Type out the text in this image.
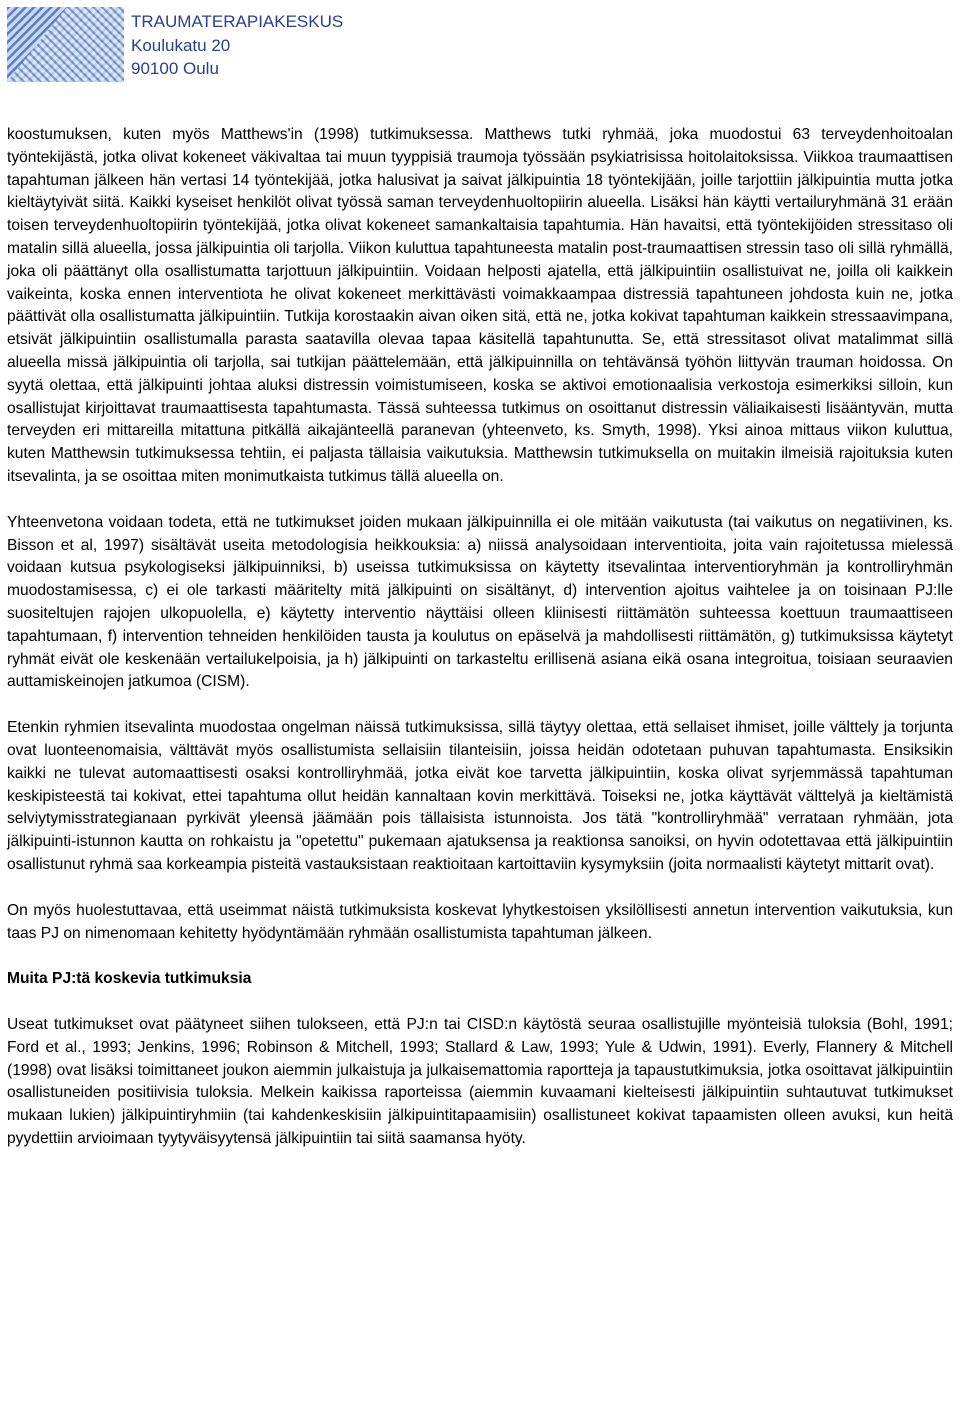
TRAUMATERAPIAKESKUS
Koulukatu 20
90100 Oulu

koostumuksen, kuten myös Matthews'in (1998) tutkimuksessa. Matthews tutki ryhmää, joka muodostui 63 terveydenhoitoalan työntekijästä, jotka olivat kokeneet väkivaltaa tai muun tyyppisiä traumoja työssään psykiatrisissa hoitolaitoksissa. Viikkoa traumaattisen tapahtuman jälkeen hän vertasi 14 työntekijää, jotka halusivat ja saivat jälkipuintia 18 työntekijään, joille tarjottiin jälkipuintia mutta jotka kieltäytyivät siitä. Kaikki kyseiset henkilöt olivat työssä saman terveydenhuoltopiirin alueella. Lisäksi hän käytti vertailuryhmänä 31 erään toisen terveydenhuoltopiirin työntekijää, jotka olivat kokeneet samankaltaisia tapahtumia. Hän havaitsi, että työntekijöiden stressitaso oli matalin sillä alueella, jossa jälkipuintia oli tarjolla. Viikon kuluttua tapahtuneesta matalin post-traumaattisen stressin taso oli sillä ryhmällä, joka oli päättänyt olla osallistumatta tarjottuun jälkipuintiin. Voidaan helposti ajatella, että jälkipuintiin osallistuivat ne, joilla oli kaikkein vaikeinta, koska ennen interventiota he olivat kokeneet merkittävästi voimakkaampaa distressiä tapahtuneen johdosta kuin ne, jotka päättivät olla osallistumatta jälkipuintiin. Tutkija korostaakin aivan oiken sitä, että ne, jotka kokivat tapahtuman kaikkein stressaavimpana, etsivät jälkipuintiin osallistumalla parasta saatavilla olevaa tapaa käsitellä tapahtunutta. Se, että stressitasot olivat matalimmat sillä alueella missä jälkipuintia oli tarjolla, sai tutkijan päättelemään, että jälkipuinnilla on tehtävänsä työhön liittyvän trauman hoidossa. On syytä olettaa, että jälkipuinti johtaa aluksi distressin voimistumiseen, koska se aktivoi emotionaalisia verkostoja esimerkiksi silloin, kun osallistujat kirjoittavat traumaattisesta tapahtumasta. Tässä suhteessa tutkimus on osoittanut distressin väliaikaisesti lisääntyvän, mutta terveyden eri mittareilla mitattuna pitkällä aikajänteellä paranevan (yhteenveto, ks. Smyth, 1998). Yksi ainoa mittaus viikon kuluttua, kuten Matthewsin tutkimuksessa tehtiin, ei paljasta tällaisia vaikutuksia. Matthewsin tutkimuksella on muitakin ilmeisiä rajoituksia kuten itsevalinta, ja se osoittaa miten monimutkaista tutkimus tällä alueella on.

Yhteenvetona voidaan todeta, että ne tutkimukset joiden mukaan jälkipuinnilla ei ole mitään vaikutusta (tai vaikutus on negatiivinen, ks. Bisson et al, 1997) sisältävät useita metodologisia heikkouksia: a) niissä analysoidaan interventioita, joita vain rajoitetussa mielessä voidaan kutsua psykologiseksi jälkipuinniksi, b) useissa tutkimuksissa on käytetty itsevalintaa interventioryhmän ja kontrolliryhmän muodostamisessa, c) ei ole tarkasti määritelty mitä jälkipuinti on sisältänyt, d) intervention ajoitus vaihtelee ja on toisinaan PJ:lle suositeltujen rajojen ulkopuolella, e) käytetty interventio näyttäisi olleen kliinisesti riittämätön suhteessa koettuun traumaattiseen tapahtumaan, f) intervention tehneiden henkilöiden tausta ja koulutus on epäselvä ja mahdollisesti riittämätön, g) tutkimuksissa käytetyt ryhmät eivät ole keskenään vertailukelpoisia, ja h) jälkipuinti on tarkasteltu erillisenä asiana eikä osana integroitua, toisiaan seuraavien auttamiskeinojen jatkumoa (CISM).

Etenkin ryhmien itsevalinta muodostaa ongelman näissä tutkimuksissa, sillä täytyy olettaa, että sellaiset ihmiset, joille välttely ja torjunta ovat luonteenomaisia, välttävät myös osallistumista sellaisiin tilanteisiin, joissa heidän odotetaan puhuvan tapahtumasta. Ensiksikin kaikki ne tulevat automaattisesti osaksi kontrolliryhmää, jotka eivät koe tarvetta jälkipuintiin, koska olivat syrjemmässä tapahtuman keskipisteestä tai kokivat, ettei tapahtuma ollut heidän kannaltaan kovin merkittävä. Toiseksi ne, jotka käyttävät välttelyä ja kieltämistä selviytymisstrategianaan pyrkivät yleensä jäämään pois tällaisista istunnoista. Jos tätä "kontrolliryhmää" verrataan ryhmään, jota jälkipuinti-istunnon kautta on rohkaistu ja "opetettu" pukemaan ajatuksensa ja reaktionsa sanoiksi, on hyvin odotettavaa että jälkipuintiin osallistunut ryhmä saa korkeampia pisteitä vastauksistaan reaktioitaan kartoittaviin kysymyksiin (joita normaalisti käytetyt mittarit ovat).

On myös huolestuttavaa, että useimmat näistä tutkimuksista koskevat lyhytkestoisen yksilöllisesti annetun intervention vaikutuksia, kun taas PJ on nimenomaan kehitetty hyödyntämään ryhmään osallistumista tapahtuman jälkeen.

Muita PJ:tä koskevia tutkimuksia

Useat tutkimukset ovat päätyneet siihen tulokseen, että PJ:n tai CISD:n käytöstä seuraa osallistujille myönteisiä tuloksia (Bohl, 1991; Ford et al., 1993; Jenkins, 1996; Robinson & Mitchell, 1993; Stallard & Law, 1993; Yule & Udwin, 1991). Everly, Flannery & Mitchell (1998) ovat lisäksi toimittaneet joukon aiemmin julkaistuja ja julkaisemattomia raportteja ja tapaustutkimuksia, jotka osoittavat jälkipuintiin osallistuneiden positiivisia tuloksia. Melkein kaikissa raporteissa (aiemmin kuvaamani kielteisesti jälkipuintiin suhtautuvat tutkimukset mukaan lukien) jälkipuintiryhmiin (tai kahdenkeskisiin jälkipuintitapaamisiin) osallistuneet kokivat tapaamisten olleen avuksi, kun heitä pyydettiin arvioimaan tyytyväisyytensä jälkipuintiin tai siitä saamansa hyöty.
